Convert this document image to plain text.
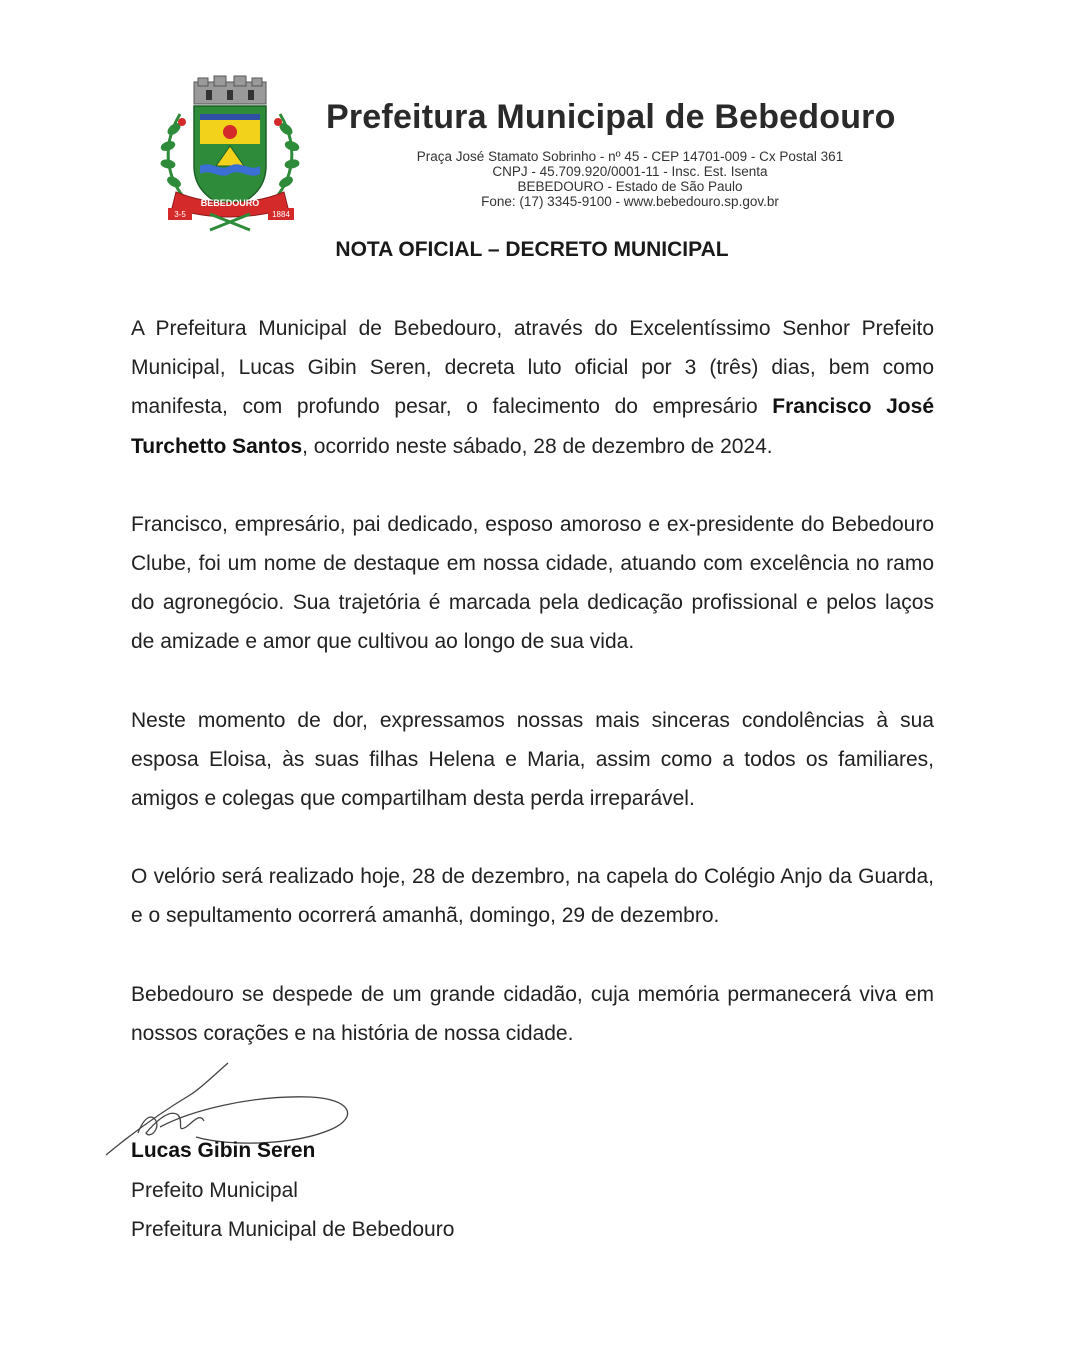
BEBEDOURO
3-5	1884
Prefeitura Municipal de Bebedouro
Praça José Stamato Sobrinho - nº 45 - CEP 14701-009 - Cx Postal 361
CNPJ - 45.709.920/0001-11 - Insc. Est. Isenta
BEBEDOURO - Estado de São Paulo
Fone: (17) 3345-9100 - www.bebedouro.sp.gov.br
NOTA OFICIAL – DECRETO MUNICIPAL

A Prefeitura Municipal de Bebedouro, através do Excelentíssimo Senhor Prefeito Municipal, Lucas Gibin Seren, decreta luto oficial por 3 (três) dias, bem como manifesta, com profundo pesar, o falecimento do empresário Francisco José Turchetto Santos, ocorrido neste sábado, 28 de dezembro de 2024.

Francisco, empresário, pai dedicado, esposo amoroso e ex-presidente do Bebedouro Clube, foi um nome de destaque em nossa cidade, atuando com excelência no ramo do agronegócio. Sua trajetória é marcada pela dedicação profissional e pelos laços de amizade e amor que cultivou ao longo de sua vida.

Neste momento de dor, expressamos nossas mais sinceras condolências à sua esposa Eloisa, às suas filhas Helena e Maria, assim como a todos os familiares, amigos e colegas que compartilham desta perda irreparável.

O velório será realizado hoje, 28 de dezembro, na capela do Colégio Anjo da Guarda, e o sepultamento ocorrerá amanhã, domingo, 29 de dezembro.

Bebedouro se despede de um grande cidadão, cuja memória permanecerá viva em nossos corações e na história de nossa cidade.

Lucas Gibin Seren
Prefeito Municipal
Prefeitura Municipal de Bebedouro
